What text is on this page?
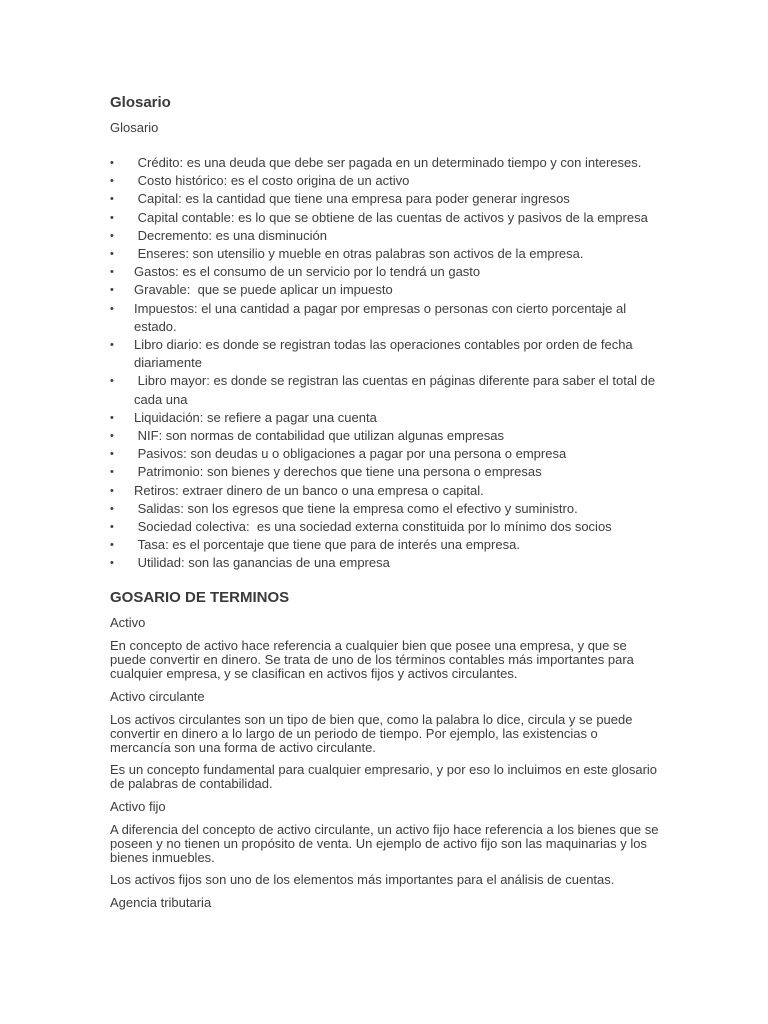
Glosario
Glosario
• Crédito: es una deuda que debe ser pagada en un determinado tiempo y con intereses.
• Costo histórico: es el costo origina de un activo
• Capital: es la cantidad que tiene una empresa para poder generar ingresos
• Capital contable: es lo que se obtiene de las cuentas de activos y pasivos de la empresa
• Decremento: es una disminución
• Enseres: son utensilio y mueble en otras palabras son activos de la empresa.
• Gastos: es el consumo de un servicio por lo tendrá un gasto
• Gravable:  que se puede aplicar un impuesto
• Impuestos: el una cantidad a pagar por empresas o personas con cierto porcentaje al estado.
• Libro diario: es donde se registran todas las operaciones contables por orden de fecha diariamente
• Libro mayor: es donde se registran las cuentas en páginas diferente para saber el total de cada una
• Liquidación: se refiere a pagar una cuenta
• NIF: son normas de contabilidad que utilizan algunas empresas
• Pasivos: son deudas u o obligaciones a pagar por una persona o empresa
• Patrimonio: son bienes y derechos que tiene una persona o empresas
• Retiros: extraer dinero de un banco o una empresa o capital.
• Salidas: son los egresos que tiene la empresa como el efectivo y suministro.
• Sociedad colectiva:  es una sociedad externa constituida por lo mínimo dos socios
• Tasa: es el porcentaje que tiene que para de interés una empresa.
• Utilidad: son las ganancias de una empresa
GOSARIO DE TERMINOS
Activo
En concepto de activo hace referencia a cualquier bien que posee una empresa, y que se puede convertir en dinero. Se trata de uno de los términos contables más importantes para cualquier empresa, y se clasifican en activos fijos y activos circulantes.
Activo circulante
Los activos circulantes son un tipo de bien que, como la palabra lo dice, circula y se puede convertir en dinero a lo largo de un periodo de tiempo. Por ejemplo, las existencias o mercancía son una forma de activo circulante.
Es un concepto fundamental para cualquier empresario, y por eso lo incluimos en este glosario de palabras de contabilidad.
Activo fijo
A diferencia del concepto de activo circulante, un activo fijo hace referencia a los bienes que se poseen y no tienen un propósito de venta. Un ejemplo de activo fijo son las maquinarias y los bienes inmuebles.
Los activos fijos son uno de los elementos más importantes para el análisis de cuentas.
Agencia tributaria
